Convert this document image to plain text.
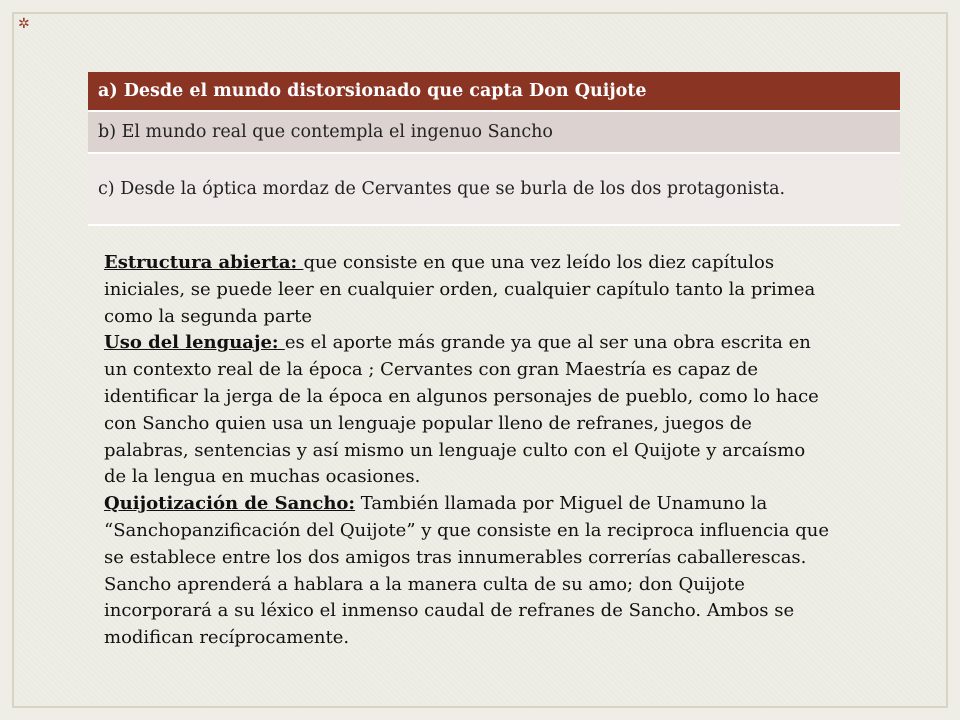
✲
a) Desde el mundo distorsionado que capta Don Quijote
b) El mundo real que contempla el ingenuo Sancho
c) Desde la óptica mordaz de Cervantes que se burla de los dos protagonista.

Estructura abierta: que consiste en que una vez leído los diez capítulos iniciales, se puede leer en cualquier orden, cualquier capítulo tanto la primea como la segunda parte

Uso del lenguaje: es el aporte más grande ya que al ser una obra escrita en un contexto real de la época ; Cervantes con gran Maestría es capaz de identificar la jerga de la época en algunos personajes de pueblo, como lo hace con Sancho quien usa un lenguaje popular lleno de refranes, juegos de palabras, sentencias y así mismo un lenguaje culto con el Quijote y arcaísmo de la lengua en muchas ocasiones.

Quijotización de Sancho: También llamada por Miguel de Unamuno la “Sanchopanzificación del Quijote” y que consiste en la reciproca influencia que se establece entre los dos amigos tras innumerables correrías caballerescas. Sancho aprenderá a hablara a la manera culta de su amo; don Quijote incorporará a su léxico el inmenso caudal de refranes de Sancho. Ambos se modifican recíprocamente.
